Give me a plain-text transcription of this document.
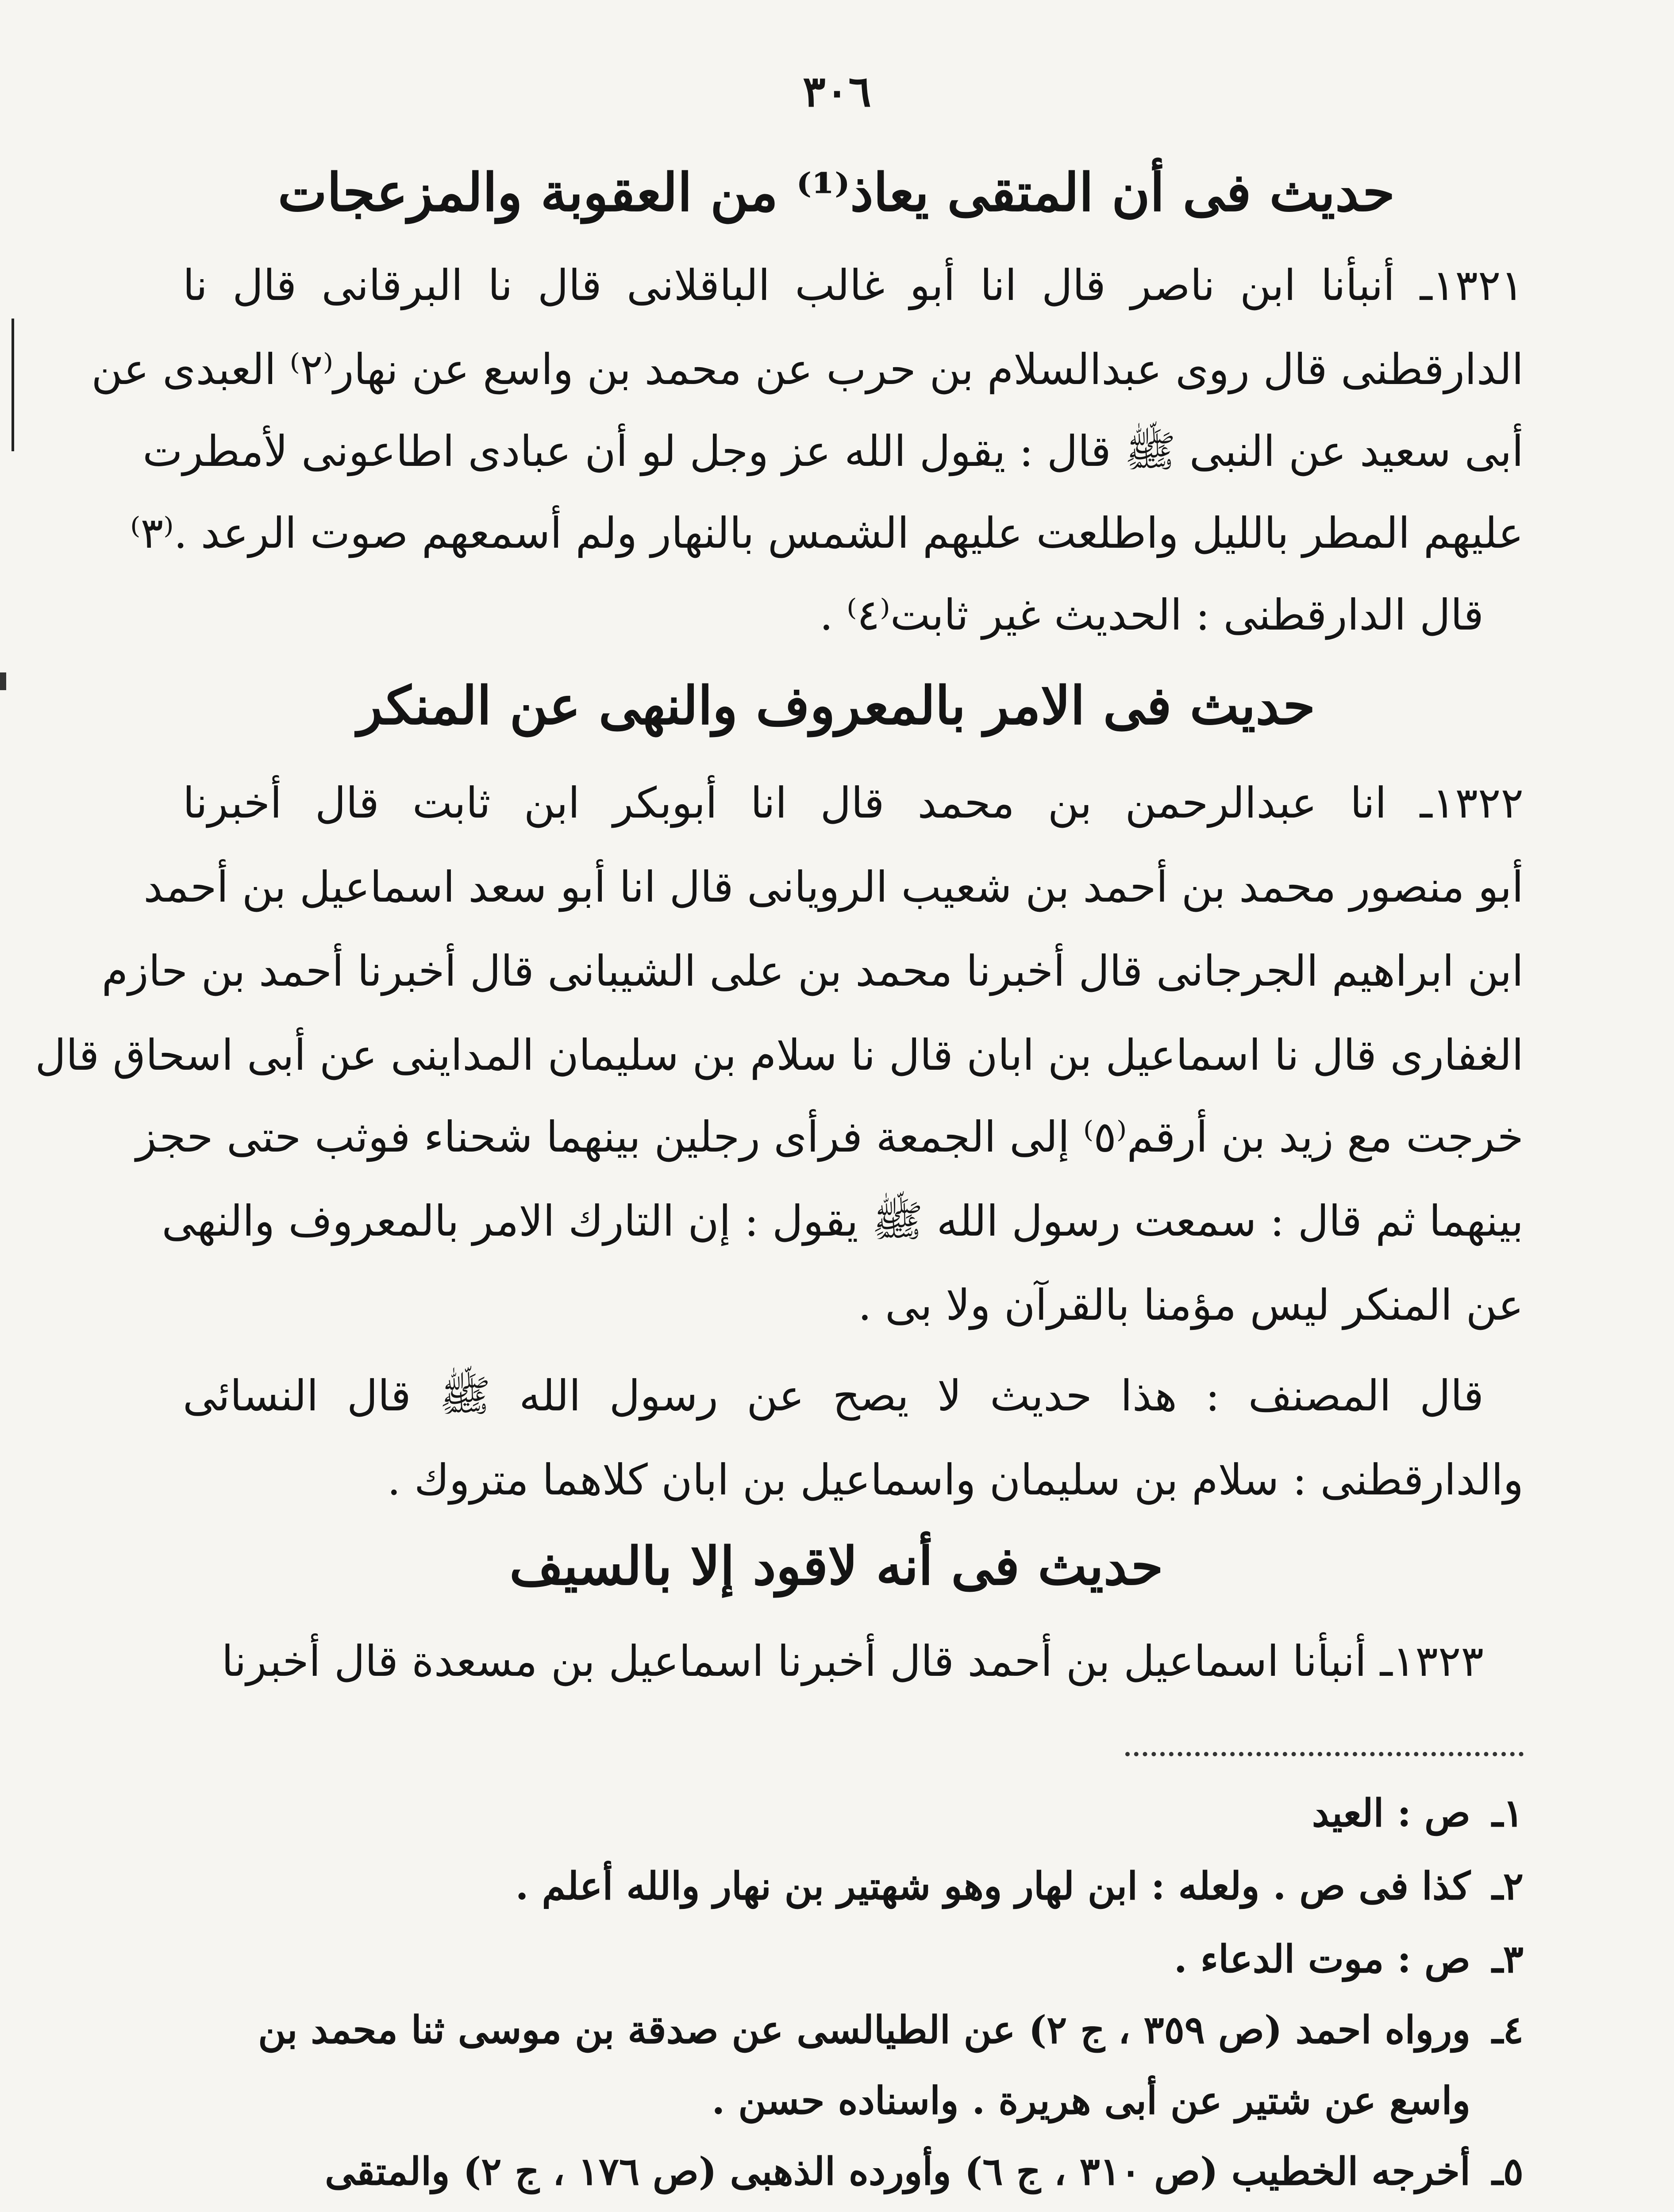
٣٠٦
حديث فى أن المتقى يعاذ⁽¹⁾ من العقوبة والمزعجات
١٣٢١ـ أنبأنا ابن ناصر قال انا أبو غالب الباقلانى قال نا البرقانى قال نا
الدارقطنى قال روى عبدالسلام بن حرب عن محمد بن واسع عن نهار⁽٢⁾ العبدى عن
أبى سعيد عن النبى ﷺ قال : يقول الله عز وجل لو أن عبادى اطاعونى لأمطرت
عليهم المطر بالليل واطلعت عليهم الشمس بالنهار ولم أسمعهم صوت الرعد .⁽٣⁾
قال الدارقطنى : الحديث غير ثابت⁽٤⁾ .
حديث فى الامر بالمعروف والنهى عن المنكر
١٣٢٢ـ انا عبدالرحمن بن محمد قال انا أبوبكر ابن ثابت قال أخبرنا
أبو منصور محمد بن أحمد بن شعيب الرويانى قال انا أبو سعد اسماعيل بن أحمد
ابن ابراهيم الجرجانى قال أخبرنا محمد بن على الشيبانى قال أخبرنا أحمد بن حازم
الغفارى قال نا اسماعيل بن ابان قال نا سلام بن سليمان المداينى عن أبى اسحاق قال
خرجت مع زيد بن أرقم⁽٥⁾ إلى الجمعة فرأى رجلين بينهما شحناء فوثب حتى حجز
بينهما ثم قال : سمعت رسول الله ﷺ يقول : إن التارك الامر بالمعروف والنهى
عن المنكر ليس مؤمنا بالقرآن ولا بى .
قال المصنف : هذا حديث لا يصح عن رسول الله ﷺ قال النسائى
والدارقطنى : سلام بن سليمان واسماعيل بن ابان كلاهما متروك .
حديث فى أنه لاقود إلا بالسيف
١٣٢٣ـ أنبأنا اسماعيل بن أحمد قال أخبرنا اسماعيل بن مسعدة قال أخبرنا
١ـص : العيد
٢ـكذا فى ص . ولعله : ابن لهار وهو شهتير بن نهار والله أعلم .
٣ـص : موت الدعاء .
٤ـورواه احمد (ص ٣٥٩ ، ج ٢) عن الطيالسى عن صدقة بن موسى ثنا محمد بن
واسع عن شتير عن أبى هريرة . واسناده حسن .
٥ـأخرجه الخطيب (ص ٣١٠ ، ج ٦) وأورده الذهبى (ص ١٧٦ ، ج ٢) والمتقى
